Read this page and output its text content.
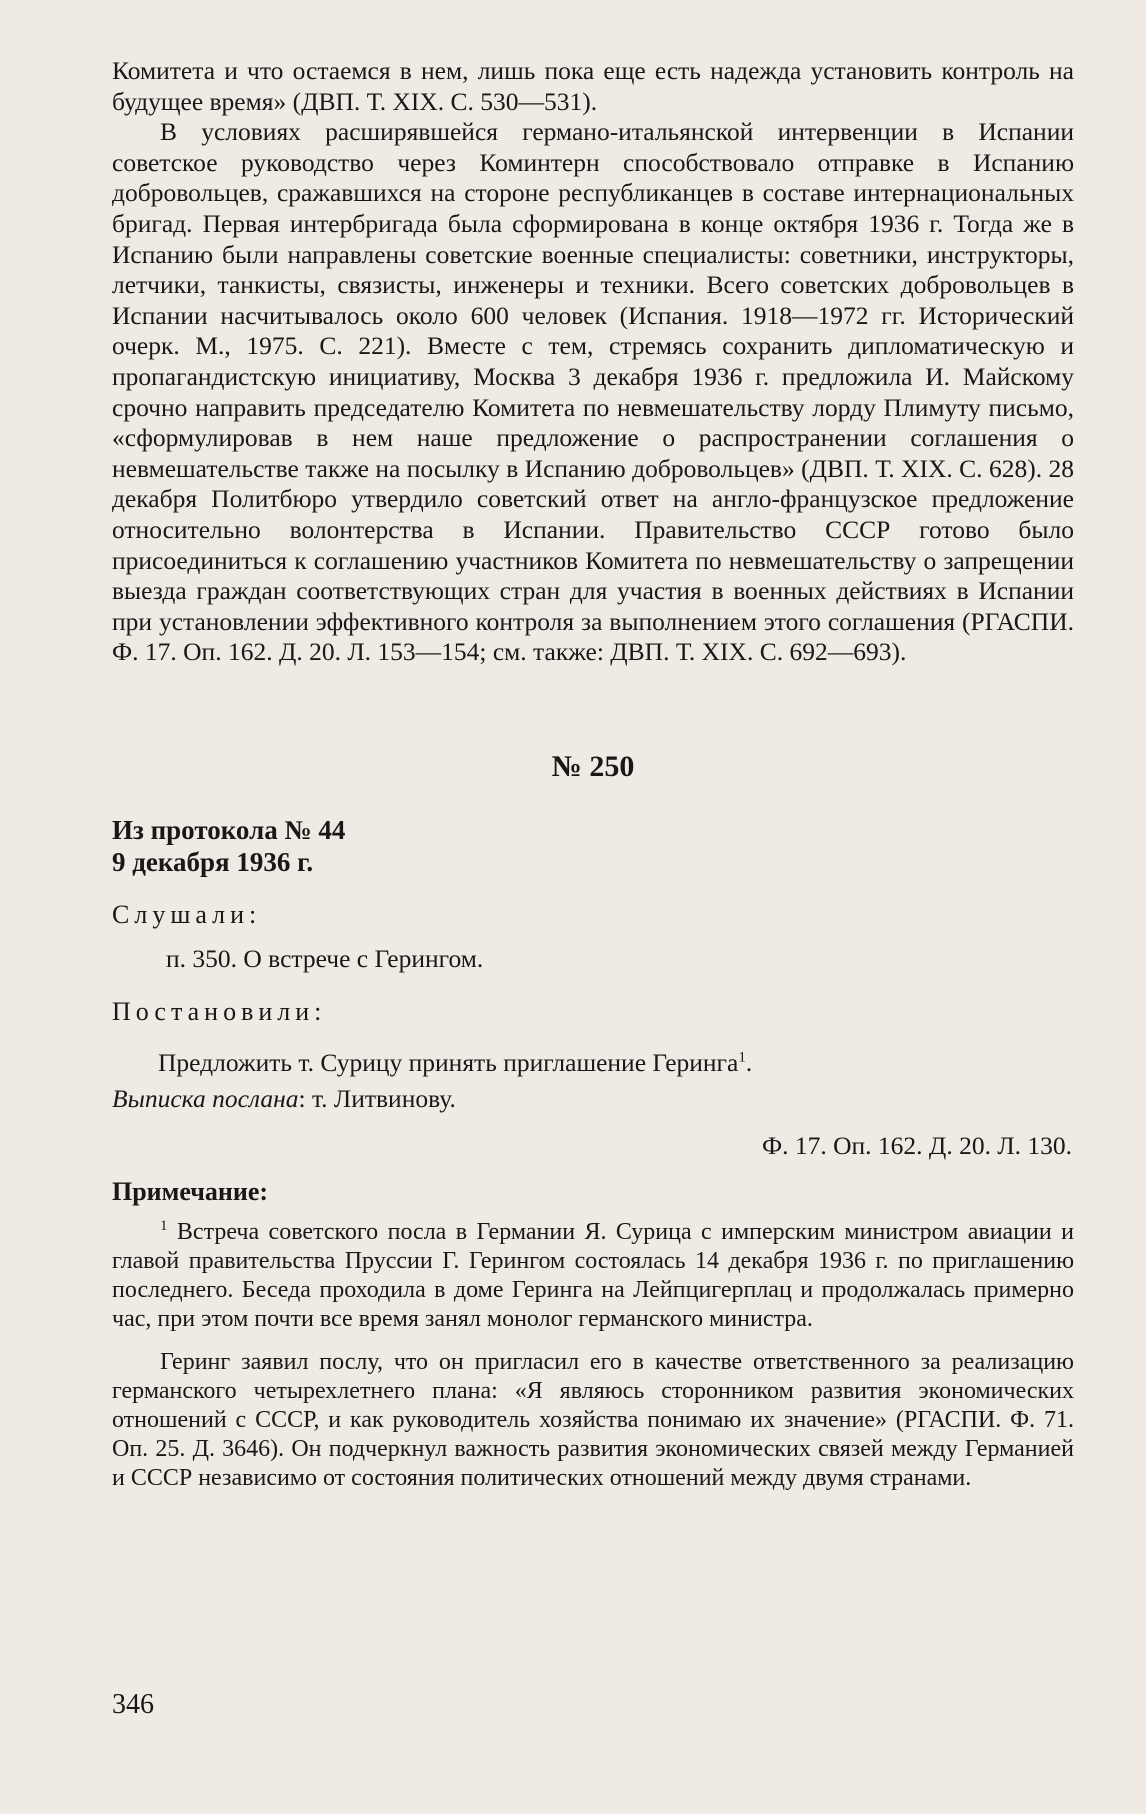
Комитета и что остаемся в нем, лишь пока еще есть надежда установить контроль на будущее время» (ДВП. Т. XIX. С. 530—531).

В условиях расширявшейся германо-итальянской интервенции в Испании советское руководство через Коминтерн способствовало отправке в Испанию добровольцев, сражавшихся на стороне республиканцев в составе интернациональных бригад. Первая интербригада была сформирована в конце октября 1936 г. Тогда же в Испанию были направлены советские военные специалисты: советники, инструкторы, летчики, танкисты, связисты, инженеры и техники. Всего советских добровольцев в Испании насчитывалось около 600 человек (Испания. 1918—1972 гг. Исторический очерк. М., 1975. С. 221). Вместе с тем, стремясь сохранить дипломатическую и пропагандистскую инициативу, Москва 3 декабря 1936 г. предложила И. Майскому срочно направить председателю Комитета по невмешательству лорду Плимуту письмо, «сформулировав в нем наше предложение о распространении соглашения о невмешательстве также на посылку в Испанию добровольцев» (ДВП. Т. XIX. С. 628). 28 декабря Политбюро утвердило советский ответ на англо-французское предложение относительно волонтерства в Испании. Правительство СССР готово было присоединиться к соглашению участников Комитета по невмешательству о запрещении выезда граждан соответствующих стран для участия в военных действиях в Испании при установлении эффективного контроля за выполнением этого соглашения (РГАСПИ. Ф. 17. Оп. 162. Д. 20. Л. 153—154; см. также: ДВП. Т. XIX. С. 692—693).

№ 250
Из протокола № 44
9 декабря 1936 г.
Слушали:
п. 350. О встрече с Герингом.
Постановили:
Предложить т. Сурицу принять приглашение Геринга$^1$.
Выписка послана: т. Литвинову.
Ф. 17. Оп. 162. Д. 20. Л. 130.
Примечание:

$^1$ Встреча советского посла в Германии Я. Сурица с имперским министром авиации и главой правительства Пруссии Г. Герингом состоялась 14 декабря 1936 г. по приглашению последнего. Беседа проходила в доме Геринга на Лейпцигерплац и продолжалась примерно час, при этом почти все время занял монолог германского министра.

Геринг заявил послу, что он пригласил его в качестве ответственного за реализацию германского четырехлетнего плана: «Я являюсь сторонником развития экономических отношений с СССР, и как руководитель хозяйства понимаю их значение» (РГАСПИ. Ф. 71. Оп. 25. Д. 3646). Он подчеркнул важность развития экономических связей между Германией и СССР независимо от состояния политических отношений между двумя странами.

346
